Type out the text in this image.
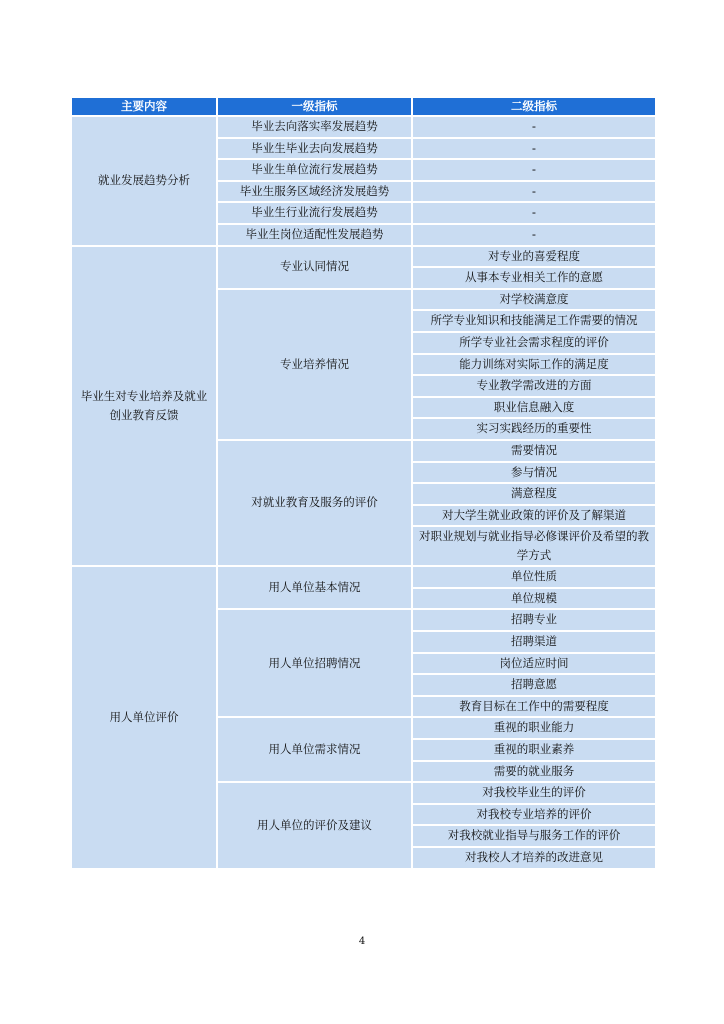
主要内容	一级指标	二级指标
就业发展趋势分析	毕业去向落实率发展趋势	-
	毕业生毕业去向发展趋势	-
	毕业生单位流行发展趋势	-
	毕业生服务区域经济发展趋势	-
	毕业生行业流行发展趋势	-
	毕业生岗位适配性发展趋势	-
毕业生对专业培养及就业创业教育反馈	专业认同情况	对专业的喜爱程度
		从事本专业相关工作的意愿
	专业培养情况	对学校满意度
		所学专业知识和技能满足工作需要的情况
		所学专业社会需求程度的评价
		能力训练对实际工作的满足度
		专业教学需改进的方面
		职业信息融入度
		实习实践经历的重要性
	对就业教育及服务的评价	需要情况
		参与情况
		满意程度
		对大学生就业政策的评价及了解渠道
		对职业规划与就业指导必修课评价及希望的教学方式
用人单位评价	用人单位基本情况	单位性质
		单位规模
	用人单位招聘情况	招聘专业
		招聘渠道
		岗位适应时间
		招聘意愿
		教育目标在工作中的需要程度
	用人单位需求情况	重视的职业能力
		重视的职业素养
		需要的就业服务
	用人单位的评价及建议	对我校毕业生的评价
		对我校专业培养的评价
		对我校就业指导与服务工作的评价
		对我校人才培养的改进意见
4
